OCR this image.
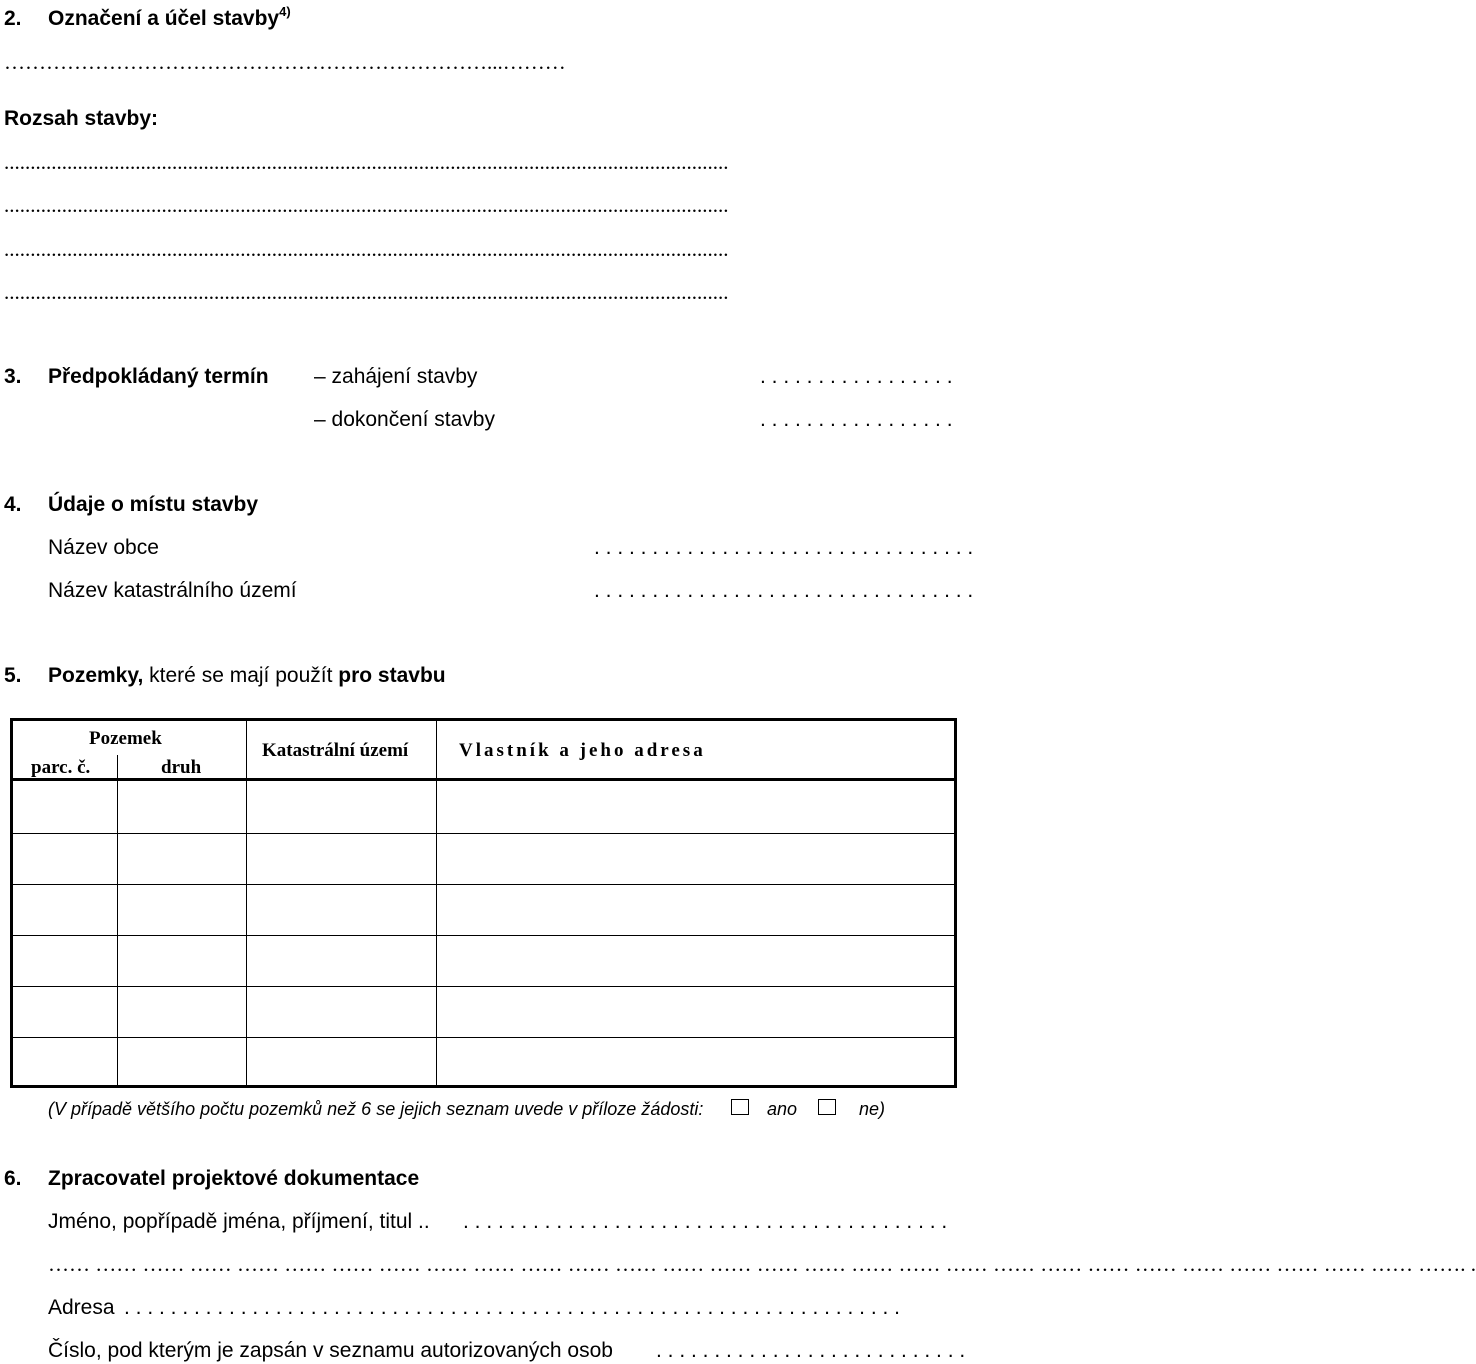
2. Označení a účel stavby$^{4)}$
……………………………………………………………...………
Rozsah stavby:
..........................................................................................................................................
..........................................................................................................................................
..........................................................................................................................................
..........................................................................................................................................
3. Předpokládaný termín – zahájení stavby	. . . . . . . . . . . . . . . . .
– dokončení stavby	. . . . . . . . . . . . . . . . .
4. Údaje o místu stavby
Název obce	. . . . . . . . . . . . . . . . . . . . . . . . . . . . . . . . .
Název katastrálního území	. . . . . . . . . . . . . . . . . . . . . . . . . . . . . . . . .
5. Pozemky, které se mají použít pro stavbu
Pozemek
parc. č.	druh
Katastrální území	Vlastník a jeho adresa
(V případě většího počtu pozemků než 6 se jejich seznam uvede v příloze žádosti:	ano	ne)
6. Zpracovatel projektové dokumentace
Jméno, popřípadě jména, příjmení, titul .. . . . . . . . . . . . . . . . . . . . . . . . . . . . . . . . . . . . . . . . . . .
…… …… …… …… …… …… …… …… …… …… …… …… …… …… …… …… …… …… …… …… …… …… …… …… …… …… …… …… …… ……. .
Adresa . . . . . . . . . . . . . . . . . . . . . . . . . . . . . . . . . . . . . . . . . . . . . . . . . . . . . . . . . . . . . . . . . . .
Číslo, pod kterým je zapsán v seznamu autorizovaných osob . . . . . . . . . . . . . . . . . . . . . . . . . . .
